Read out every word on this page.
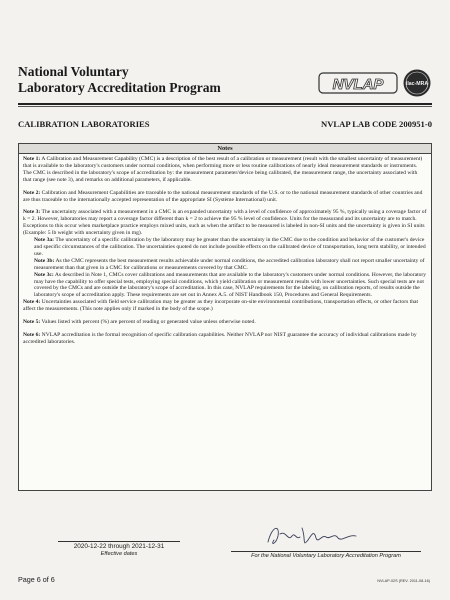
National Voluntary
Laboratory Accreditation Program	NVLAP	ilac-MRA
CALIBRATION LABORATORIES	NVLAP LAB CODE 200951-0
Notes

Note 1: A Calibration and Measurement Capability (CMC) is a description of the best result of a calibration or measurement (result with the smallest uncertainty of measurement) that is available to the laboratory's customers under normal conditions, when performing more or less routine calibrations of nearly ideal measurement standards or instruments. The CMC is described in the laboratory's scope of accreditation by: the measurement parameter/device being calibrated, the measurement range, the uncertainty associated with that range (see note 3), and remarks on additional parameters, if applicable.

Note 2: Calibration and Measurement Capabilities are traceable to the national measurement standards of the U.S. or to the national measurement standards of other countries and are thus traceable to the internationally accepted representation of the appropriate SI (Système International) unit.

Note 3: The uncertainty associated with a measurement in a CMC is an expanded uncertainty with a level of confidence of approximately 95 %, typically using a coverage factor of k = 2. However, laboratories may report a coverage factor different than k = 2 to achieve the 95 % level of confidence. Units for the measurand and its uncertainty are to match. Exceptions to this occur when marketplace practice employs mixed units, such as when the artifact to be measured is labeled in non-SI units and the uncertainty is given in SI units (Example: 5 lb weight with uncertainty given in mg).

Note 3a: The uncertainty of a specific calibration by the laboratory may be greater than the uncertainty in the CMC due to the condition and behavior of the customer's device and specific circumstances of the calibration. The uncertainties quoted do not include possible effects on the calibrated device of transportation, long term stability, or intended use.

Note 3b: As the CMC represents the best measurement results achievable under normal conditions, the accredited calibration laboratory shall not report smaller uncertainty of measurement than that given in a CMC for calibrations or measurements covered by that CMC.

Note 3c: As described in Note 1, CMCs cover calibrations and measurements that are available to the laboratory's customers under normal conditions. However, the laboratory may have the capability to offer special tests, employing special conditions, which yield calibration or measurement results with lower uncertainties. Such special tests are not covered by the CMCs and are outside the laboratory's scope of accreditation. In this case, NVLAP requirements for the labeling, on calibration reports, of results outside the laboratory's scope of accreditation apply. These requirements are set out in Annex A.5. of NIST Handbook 150, Procedures and General Requirements.

Note 4: Uncertainties associated with field service calibration may be greater as they incorporate on-site environmental contributions, transportation effects, or other factors that affect the measurements. (This note applies only if marked in the body of the scope.)

Note 5: Values listed with percent (%) are percent of reading or generated value unless otherwise noted.

Note 6: NVLAP accreditation is the formal recognition of specific calibration capabilities. Neither NVLAP nor NIST guarantee the accuracy of individual calibrations made by accredited laboratories.

2020-12-22 through 2021-12-31
Effective dates	For the National Voluntary Laboratory Accreditation Program
Page 6 of 6	NVLAP-02S (REV. 2011-08-16)
